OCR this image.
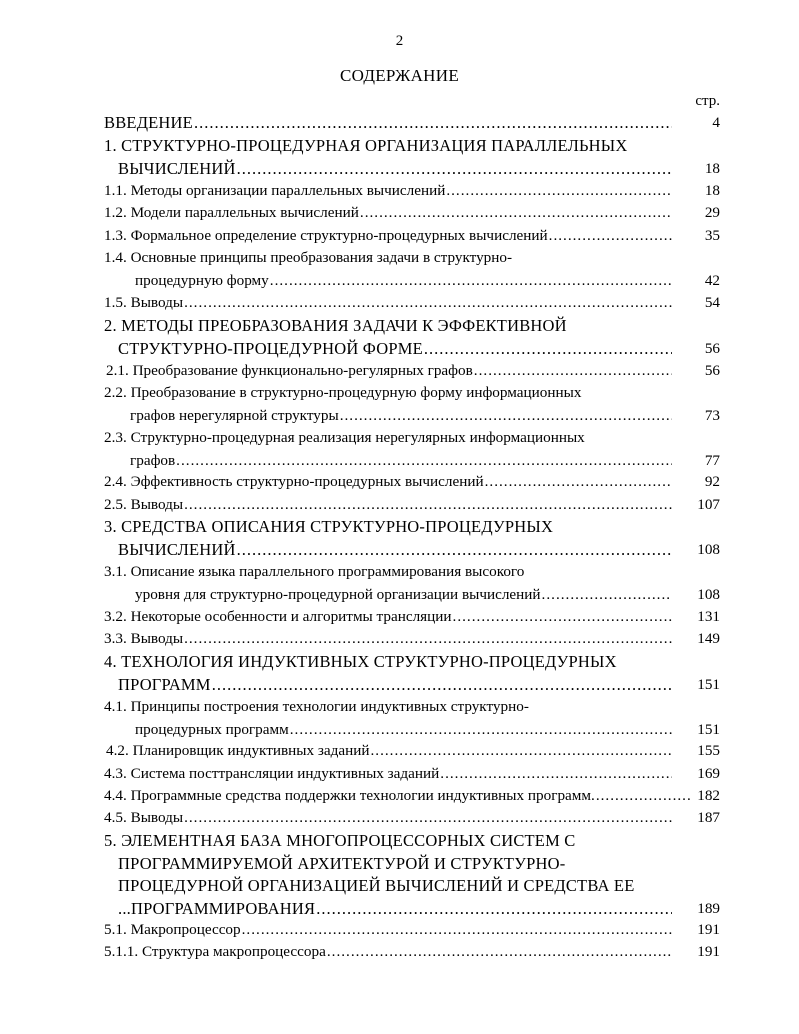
2
СОДЕРЖАНИЕ
стр.
ВВЕДЕНИЕ .....	4
1. СТРУКТУРНО-ПРОЦЕДУРНАЯ ОРГАНИЗАЦИЯ ПАРАЛЛЕЛЬНЫХ
ВЫЧИСЛЕНИЙ .....	18
1.1. Методы организации параллельных вычислений .....	18
1.2. Модели параллельных вычислений .....	29
1.3. Формальное определение структурно-процедурных вычислений .....	35
1.4. Основные принципы преобразования задачи в структурно-
процедурную форму .....	42
1.5. Выводы .....	54
2. МЕТОДЫ ПРЕОБРАЗОВАНИЯ ЗАДАЧИ К ЭФФЕКТИВНОЙ
СТРУКТУРНО-ПРОЦЕДУРНОЙ ФОРМЕ .....	56
2.1. Преобразование функционально-регулярных графов .....	56
2.2. Преобразование в структурно-процедурную форму информационных
графов нерегулярной структуры .....	73
2.3. Структурно-процедурная реализация нерегулярных информационных
графов .....	77
2.4. Эффективность структурно-процедурных вычислений .....	92
2.5. Выводы .....	107
3. СРЕДСТВА ОПИСАНИЯ СТРУКТУРНО-ПРОЦЕДУРНЫХ
ВЫЧИСЛЕНИЙ .....	108
3.1. Описание языка параллельного программирования высокого
уровня для структурно-процедурной организации вычислений .....	108
3.2. Некоторые особенности и алгоритмы трансляции .....	131
3.3. Выводы .....	149
4. ТЕХНОЛОГИЯ ИНДУКТИВНЫХ СТРУКТУРНО-ПРОЦЕДУРНЫХ
ПРОГРАММ .....	151
4.1. Принципы построения технологии индуктивных структурно-
процедурных программ .....	151
4.2. Планировщик индуктивных заданий .....	155
4.3. Система посттрансляции индуктивных заданий .....	169
4.4. Программные средства поддержки технологии индуктивных программ. .....	182
4.5. Выводы .....	187
5. ЭЛЕМЕНТНАЯ БАЗА МНОГОПРОЦЕССОРНЫХ СИСТЕМ С
ПРОГРАММИРУЕМОЙ АРХИТЕКТУРОЙ И СТРУКТУРНО-
ПРОЦЕДУРНОЙ ОРГАНИЗАЦИЕЙ ВЫЧИСЛЕНИЙ И СРЕДСТВА ЕЕ
...ПРОГРАММИРОВАНИЯ .....	189
5.1. Макропроцессор .....	191
5.1.1. Структура макропроцессора .....	191
